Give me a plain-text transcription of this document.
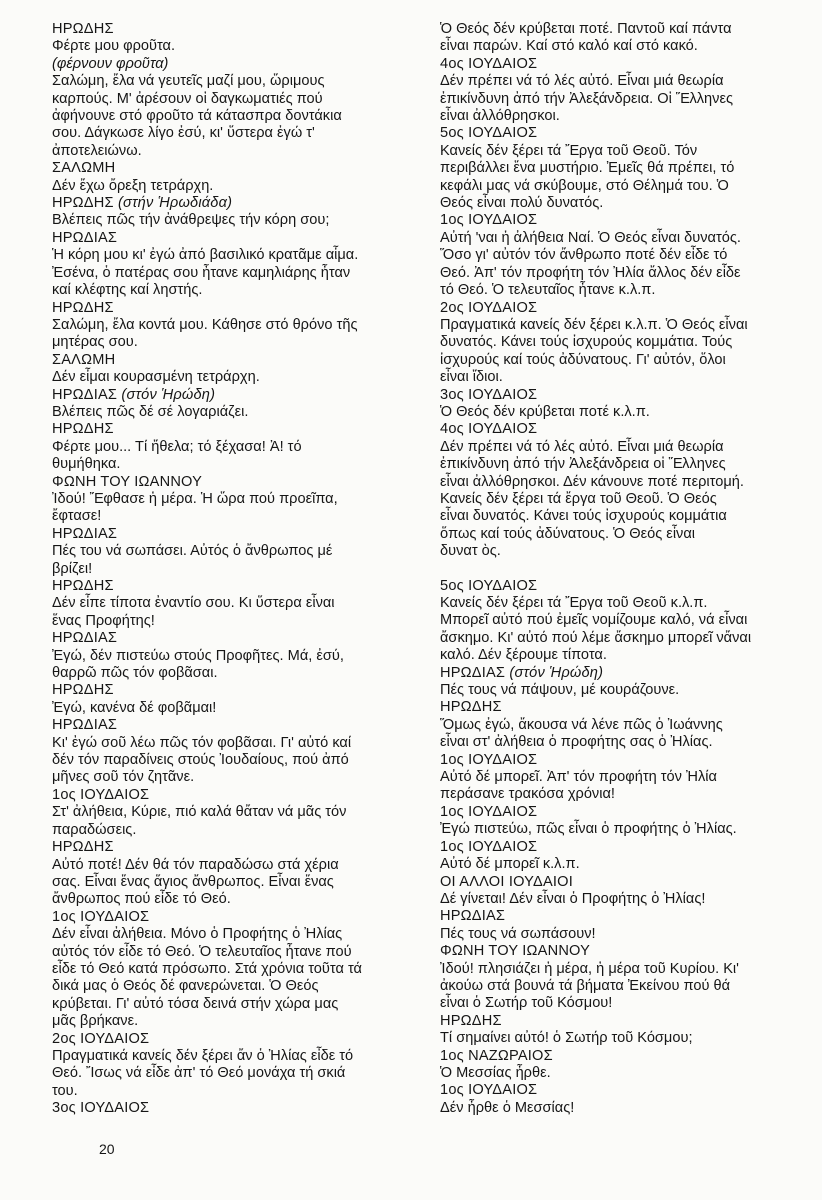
ΗΡΩΔΗΣ
Φέρτε μου φροῦτα.
(φέρνουν φροῦτα)
Σαλώμη, ἔλα νά γευτεῖς μαζί μου, ὥριμους
καρπούς. Μ' ἀρέσουν οἱ δαγκωματιές πού
ἀφήνουνε στό φροῦτο τά κάτασπρα δοντάκια
σου. Δάγκωσε λίγο ἐσύ, κι' ὕστερα ἐγώ τ'
ἀποτελειώνω.
ΣΑΛΩΜΗ
Δέν ἔχω ὄρεξη τετράρχη.
ΗΡΩΔΗΣ (στήν Ἡρωδιάδα)
Βλέπεις πῶς τήν ἀνάθρεψες τήν κόρη σου;
ΗΡΩΔΙΑΣ
Ἡ κόρη μου κι' ἐγώ ἀπό βασιλικό κρατᾶμε αἷμα.
Ἐσένα, ὁ πατέρας σου ἦτανε καμηλιάρης ἦταν
καί κλέφτης καί ληστής.
ΗΡΩΔΗΣ
Σαλώμη, ἔλα κοντά μου. Κάθησε στό θρόνο τῆς
μητέρας σου.
ΣΑΛΩΜΗ
Δέν εἶμαι κουρασμένη τετράρχη.
ΗΡΩΔΙΑΣ (στόν Ἡρώδη)
Βλέπεις πῶς δέ σέ λογαριάζει.
ΗΡΩΔΗΣ
Φέρτε μου... Τί ἤθελα; τό ξέχασα! Ἀ! τό
θυμήθηκα.
ΦΩΝΗ ΤΟΥ ΙΩΑΝΝΟΥ
Ἰδού! Ἔφθασε ἡ μέρα. Ἡ ὥρα πού προεῖπα,
ἔφτασε!
ΗΡΩΔΙΑΣ
Πές του νά σωπάσει. Αὐτός ὁ ἄνθρωπος μέ
βρίζει!
ΗΡΩΔΗΣ
Δέν εἶπε τίποτα ἐναντίο σου. Κι ὕστερα εἶναι
ἕνας Προφήτης!
ΗΡΩΔΙΑΣ
Ἐγώ, δέν πιστεύω στούς Προφῆτες. Μά, ἐσύ,
θαρρῶ πῶς τόν φοβᾶσαι.
ΗΡΩΔΗΣ
Ἐγώ, κανένα δέ φοβᾶμαι!
ΗΡΩΔΙΑΣ
Κι' ἐγώ σοῦ λέω πῶς τόν φοβᾶσαι. Γι' αὐτό καί
δέν τόν παραδίνεις στούς Ἰουδαίους, πού ἀπό
μῆνες σοῦ τόν ζητᾶνε.
1ος ΙΟΥΔΑΙΟΣ
Στ' ἀλήθεια, Κύριε, πιό καλά θἄταν νά μᾶς τόν
παραδώσεις.
ΗΡΩΔΗΣ
Αὐτό ποτέ! Δέν θά τόν παραδώσω στά χέρια
σας. Εἶναι ἕνας ἅγιος ἄνθρωπος. Εἶναι ἕνας
ἄνθρωπος πού εἶδε τό Θεό.
1ος ΙΟΥΔΑΙΟΣ
Δέν εἶναι ἀλήθεια. Μόνο ὁ Προφήτης ὁ Ἠλίας
αὐτός τόν εἶδε τό Θεό. Ὁ τελευταῖος ἦτανε πού
εἶδε τό Θεό κατά πρόσωπο. Στά χρόνια τοῦτα τά
δικά μας ὁ Θεός δέ φανερώνεται. Ὁ Θεός
κρύβεται. Γι' αὐτό τόσα δεινά στήν χώρα μας
μᾶς βρήκανε.
2ος ΙΟΥΔΑΙΟΣ
Πραγματικά κανείς δέν ξέρει ἄν ὁ Ἠλίας εἶδε τό
Θεό. Ἴσως νά εἶδε ἀπ' τό Θεό μονάχα τή σκιά
του.
3ος ΙΟΥΔΑΙΟΣ
Ὁ Θεός δέν κρύβεται ποτέ. Παντοῦ καί πάντα
εἶναι παρών. Καί στό καλό καί στό κακό.
4ος ΙΟΥΔΑΙΟΣ
Δέν πρέπει νά τό λές αὐτό. Εἶναι μιά θεωρία
ἐπικίνδυνη ἀπό τήν Ἀλεξάνδρεια. Οἱ Ἕλληνες
εἶναι ἀλλόθρησκοι.
5ος ΙΟΥΔΑΙΟΣ
Κανείς δέν ξέρει τά Ἔργα τοῦ Θεοῦ. Τόν
περιβάλλει ἕνα μυστήριο. Ἐμεῖς θά πρέπει, τό
κεφάλι μας νά σκύβουμε, στό Θέλημά του. Ὁ
Θεός εἶναι πολύ δυνατός.
1ος ΙΟΥΔΑΙΟΣ
Αὐτή 'ναι ἡ ἀλήθεια Ναί. Ὁ Θεός εἶναι δυνατός.
Ὅσο γι' αὐτόν τόν ἄνθρωπο ποτέ δέν εἶδε τό
Θεό. Ἀπ' τόν προφήτη τόν Ἠλία ἄλλος δέν εἶδε
τό Θεό. Ὁ τελευταῖος ἦτανε κ.λ.π.
2ος ΙΟΥΔΑΙΟΣ
Πραγματικά κανείς δέν ξέρει κ.λ.π. Ὁ Θεός εἶναι
δυνατός. Κάνει τούς ἰσχυρούς κομμάτια. Τούς
ἰσχυρούς καί τούς ἀδύνατους. Γι' αὐτόν, ὅλοι
εἶναι ἴδιοι.
3ος ΙΟΥΔΑΙΟΣ
Ὁ Θεός δέν κρύβεται ποτέ κ.λ.π.
4ος ΙΟΥΔΑΙΟΣ
Δέν πρέπει νά τό λές αὐτό. Εἶναι μιά θεωρία
ἐπικίνδυνη ἀπό τήν Ἀλεξάνδρεια οἱ Ἕλληνες
εἶναι ἀλλόθρησκοι. Δέν κάνουνε ποτέ περιτομή.
Κανείς δέν ξέρει τά ἔργα τοῦ Θεοῦ. Ὁ Θεός
εἶναι δυνατός. Κάνει τούς ἰσχυρούς κομμάτια
ὅπως καί τούς ἀδύνατους. Ὁ Θεός εἶναι
δυνατ ὸς.
5ος ΙΟΥΔΑΙΟΣ
Κανείς δέν ξέρει τά Ἔργα τοῦ Θεοῦ κ.λ.π.
Μπορεῖ αὐτό πού ἐμεῖς νομίζουμε καλό, νά εἶναι
ἄσκημο. Κι' αὐτό πού λέμε ἄσκημο μπορεῖ νἄναι
καλό. Δέν ξέρουμε τίποτα.
ΗΡΩΔΙΑΣ (στόν Ἡρώδη)
Πές τους νά πάψουν, μέ κουράζουνε.
ΗΡΩΔΗΣ
Ὅμως ἐγώ, ἄκουσα νά λένε πῶς ὁ Ἰωάννης
εἶναι στ' ἀλήθεια ὁ προφήτης σας ὁ Ἠλίας.
1ος ΙΟΥΔΑΙΟΣ
Αὐτό δέ μπορεῖ. Ἀπ' τόν προφήτη τόν Ἠλία
περάσανε τρακόσα χρόνια!
1ος ΙΟΥΔΑΙΟΣ
Ἐγώ πιστεύω, πῶς εἶναι ὁ προφήτης ὁ Ἠλίας.
1ος ΙΟΥΔΑΙΟΣ
Αὐτό δέ μπορεῖ κ.λ.π.
ΟΙ ΑΛΛΟΙ ΙΟΥΔΑΙΟΙ
Δέ γίνεται! Δέν εἶναι ὁ Προφήτης ὁ Ἠλίας!
ΗΡΩΔΙΑΣ
Πές τους νά σωπάσουν!
ΦΩΝΗ ΤΟΥ ΙΩΑΝΝΟΥ
Ἰδού! πλησιάζει ἡ μέρα, ἡ μέρα τοῦ Κυρίου. Κι'
ἀκούω στά βουνά τά βήματα Ἐκείνου πού θά
εἶναι ὁ Σωτήρ τοῦ Κόσμου!
ΗΡΩΔΗΣ
Τί σημαίνει αὐτό! ὁ Σωτήρ τοῦ Κόσμου;
1ος ΝΑΖΩΡΑΙΟΣ
Ὁ Μεσσίας ἦρθε.
1ος ΙΟΥΔΑΙΟΣ
Δέν ἦρθε ὁ Μεσσίας!
20
